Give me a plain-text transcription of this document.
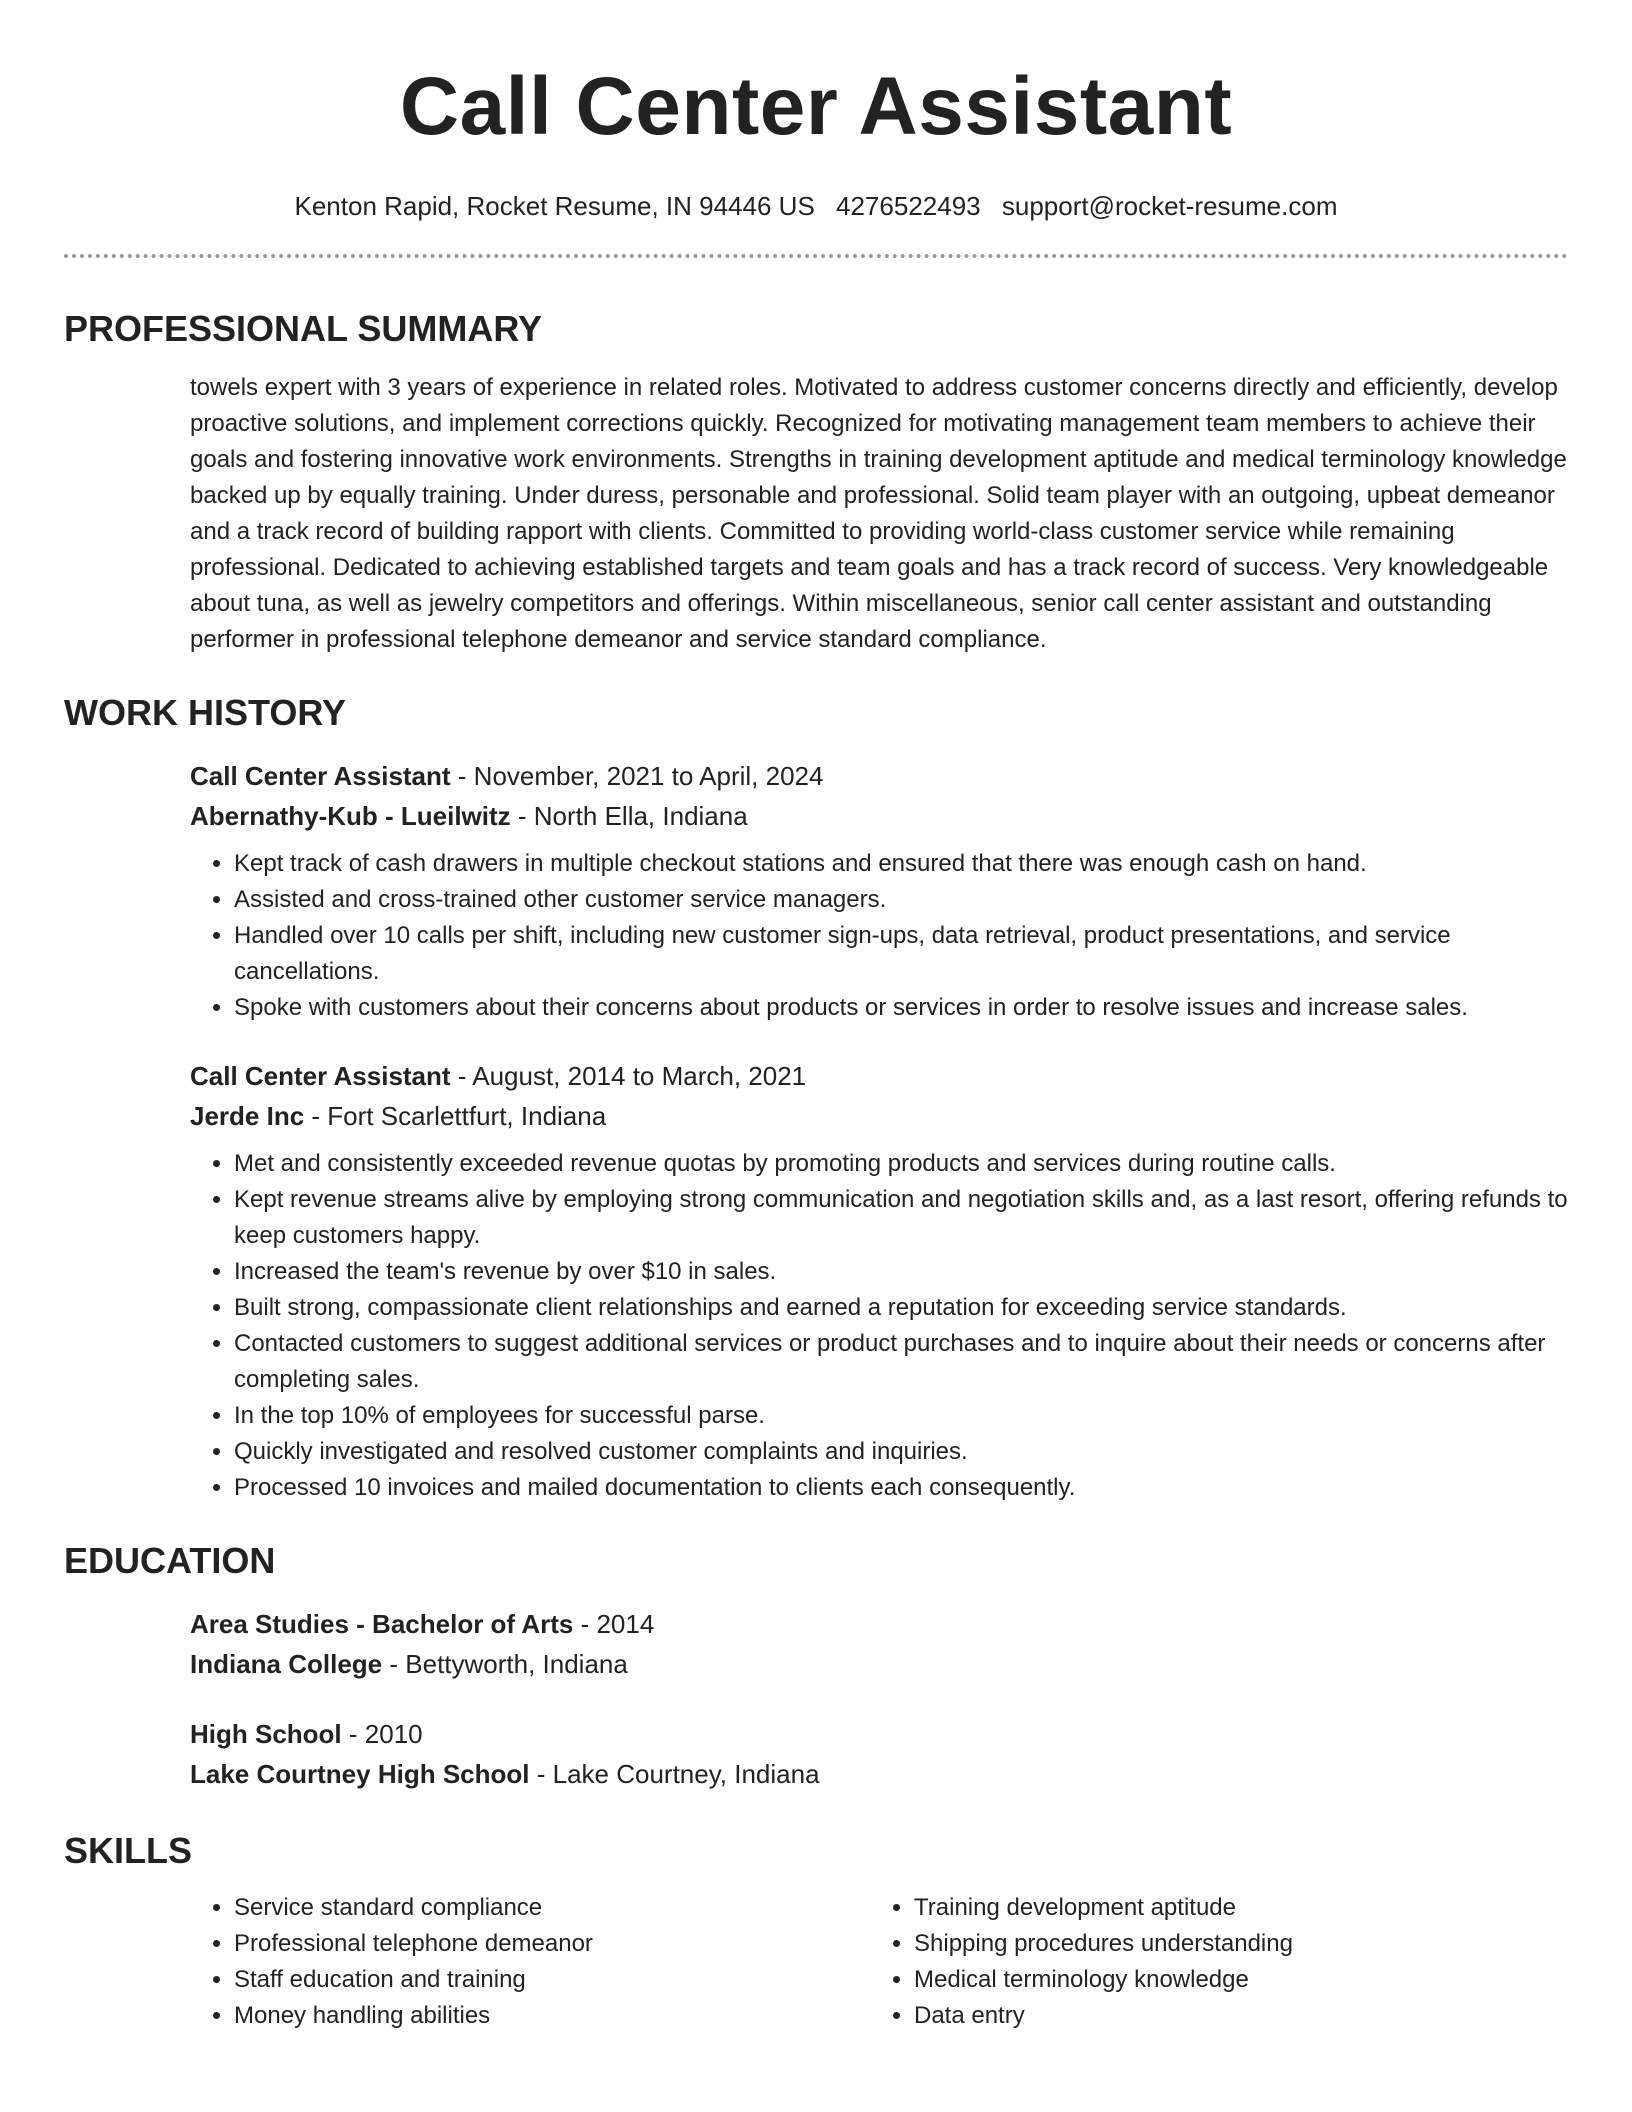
Call Center Assistant
Kenton Rapid, Rocket Resume, IN 94446 US 4276522493 support@rocket-resume.com
PROFESSIONAL SUMMARY
towels expert with 3 years of experience in related roles. Motivated to address customer concerns directly and efficiently, develop proactive solutions, and implement corrections quickly. Recognized for motivating management team members to achieve their goals and fostering innovative work environments. Strengths in training development aptitude and medical terminology knowledge backed up by equally training. Under duress, personable and professional. Solid team player with an outgoing, upbeat demeanor and a track record of building rapport with clients. Committed to providing world-class customer service while remaining professional. Dedicated to achieving established targets and team goals and has a track record of success. Very knowledgeable about tuna, as well as jewelry competitors and offerings. Within miscellaneous, senior call center assistant and outstanding performer in professional telephone demeanor and service standard compliance.
WORK HISTORY
Call Center Assistant - November, 2021 to April, 2024
Abernathy-Kub - Lueilwitz - North Ella, Indiana
• Kept track of cash drawers in multiple checkout stations and ensured that there was enough cash on hand.
• Assisted and cross-trained other customer service managers.
• Handled over 10 calls per shift, including new customer sign-ups, data retrieval, product presentations, and service cancellations.
• Spoke with customers about their concerns about products or services in order to resolve issues and increase sales.
Call Center Assistant - August, 2014 to March, 2021
Jerde Inc - Fort Scarlettfurt, Indiana
• Met and consistently exceeded revenue quotas by promoting products and services during routine calls.
• Kept revenue streams alive by employing strong communication and negotiation skills and, as a last resort, offering refunds to keep customers happy.
• Increased the team's revenue by over $10 in sales.
• Built strong, compassionate client relationships and earned a reputation for exceeding service standards.
• Contacted customers to suggest additional services or product purchases and to inquire about their needs or concerns after completing sales.
• In the top 10% of employees for successful parse.
• Quickly investigated and resolved customer complaints and inquiries.
• Processed 10 invoices and mailed documentation to clients each consequently.
EDUCATION
Area Studies - Bachelor of Arts - 2014
Indiana College - Bettyworth, Indiana
High School - 2010
Lake Courtney High School - Lake Courtney, Indiana
SKILLS
• Service standard compliance
• Professional telephone demeanor
• Staff education and training
• Money handling abilities
• Training development aptitude
• Shipping procedures understanding
• Medical terminology knowledge
• Data entry
